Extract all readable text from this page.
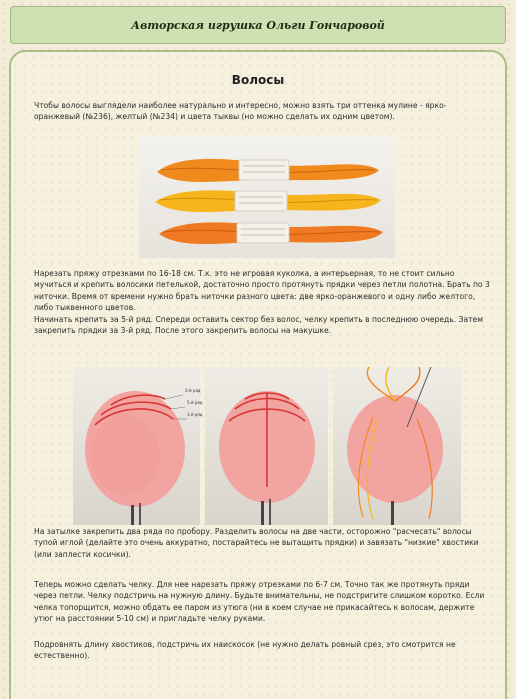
Авторская игрушка Ольги Гончаровой
Волосы

Чтобы волосы выглядели наиболее натурально и интересно, можно взять три оттенка мулине - ярко-оранжевый (№236), желтый (№234) и цвета тыквы (но можно сделать их одним цветом).

Нарезать пряжу отрезками по 16-18 см. Т.к. это не игровая куколка, а интерьерная, то не стоит сильно мучиться и крепить волосики петелькой, достаточно просто протянуть прядки через петли полотна. Брать по 3 ниточки. Время от времени нужно брать ниточки разного цвета: две ярко-оранжевого и одну либо желтого, либо тыквенного цветов.

Начинать крепить за 5-й ряд. Спереди оставить сектор без волос, челку крепить в последнюю очередь. Затем закрепить прядки за 3-й ряд. После этого закрепить волосы на макушке.

3-й ряд
5-й ряд
1-й ряд

На затылке закрепить два ряда по пробору. Разделить волосы на две части, осторожно "расчесать" волосы тупой иглой (делайте это очень аккуратно, постарайтесь не вытащить прядки) и завязать "низкие" хвостики (или заплести косички).

Теперь можно сделать челку. Для нее нарезать пряжу отрезками по 6-7 см. Точно так же протянуть пряди через петли. Челку подстричь на нужную длину. Будьте внимательны, не подстригите слишком коротко. Если челка топорщится, можно обдать ее паром из утюга (ни в коем случае не прикасайтесь к волосам, держите утюг на расстоянии 5-10 см) и пригладьте челку руками.

Подровнять длину хвостиков, подстричь их наискосок (не нужно делать ровный срез, это смотрится не естественно).
